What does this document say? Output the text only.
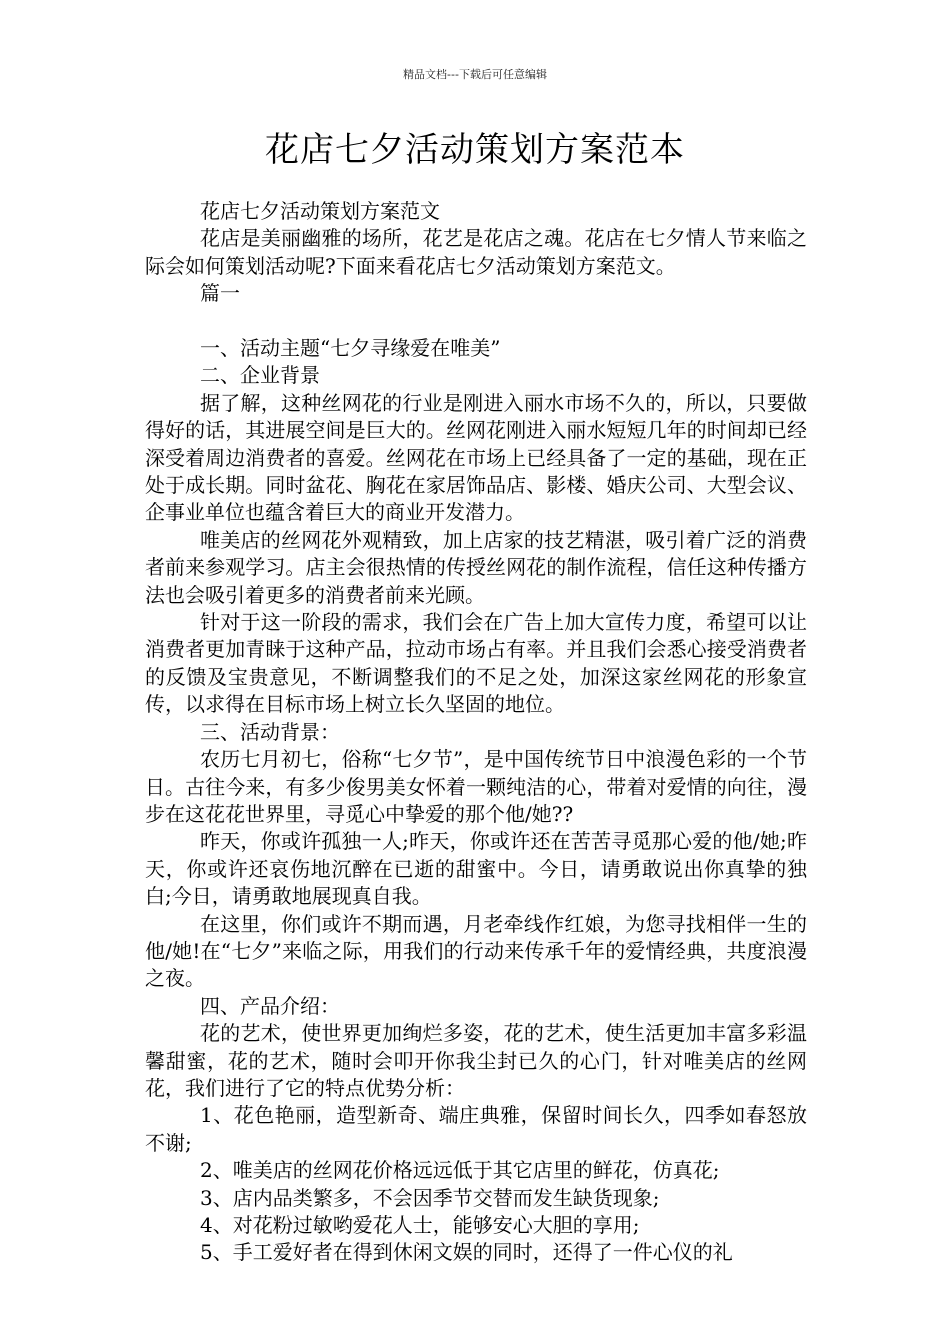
精品文档---下载后可任意编辑
花店七夕活动策划方案范本

花店七夕活动策划方案范文

花店是美丽幽雅的场所，花艺是花店之魂。花店在七夕情人节来临之际会如何策划活动呢?下面来看花店七夕活动策划方案范文。

篇一

一、活动主题“七夕寻缘爱在唯美”

二、企业背景

据了解，这种丝网花的行业是刚进入丽水市场不久的，所以，只要做得好的话，其进展空间是巨大的。丝网花刚进入丽水短短几年的时间却已经深受着周边消费者的喜爱。丝网花在市场上已经具备了一定的基础，现在正处于成长期。同时盆花、胸花在家居饰品店、影楼、婚庆公司、大型会议、企事业单位也蕴含着巨大的商业开发潜力。

唯美店的丝网花外观精致，加上店家的技艺精湛，吸引着广泛的消费者前来参观学习。店主会很热情的传授丝网花的制作流程，信任这种传播方法也会吸引着更多的消费者前来光顾。

针对于这一阶段的需求，我们会在广告上加大宣传力度，希望可以让消费者更加青睐于这种产品，拉动市场占有率。并且我们会悉心接受消费者的反馈及宝贵意见，不断调整我们的不足之处，加深这家丝网花的形象宣传，以求得在目标市场上树立长久坚固的地位。

三、活动背景：

农历七月初七，俗称“七夕节”，是中国传统节日中浪漫色彩的一个节日。古往今来，有多少俊男美女怀着一颗纯洁的心，带着对爱情的向往，漫步在这花花世界里，寻觅心中挚爱的那个他/她??

昨天，你或许孤独一人;昨天，你或许还在苦苦寻觅那心爱的他/她;昨天，你或许还哀伤地沉醉在已逝的甜蜜中。今日，请勇敢说出你真挚的独白;今日，请勇敢地展现真自我。

在这里，你们或许不期而遇，月老牵线作红娘，为您寻找相伴一生的他/她!在“七夕”来临之际，用我们的行动来传承千年的爱情经典，共度浪漫之夜。

四、产品介绍：

花的艺术，使世界更加绚烂多姿，花的艺术，使生活更加丰富多彩温馨甜蜜，花的艺术，随时会叩开你我尘封已久的心门，针对唯美店的丝网花，我们进行了它的特点优势分析：

1、花色艳丽，造型新奇、端庄典雅，保留时间长久，四季如春怒放不谢;

2、唯美店的丝网花价格远远低于其它店里的鲜花，仿真花;

3、店内品类繁多，不会因季节交替而发生缺货现象;

4、对花粉过敏哟爱花人士，能够安心大胆的享用;

5、手工爱好者在得到休闲文娱的同时，还得了一件心仪的礼
